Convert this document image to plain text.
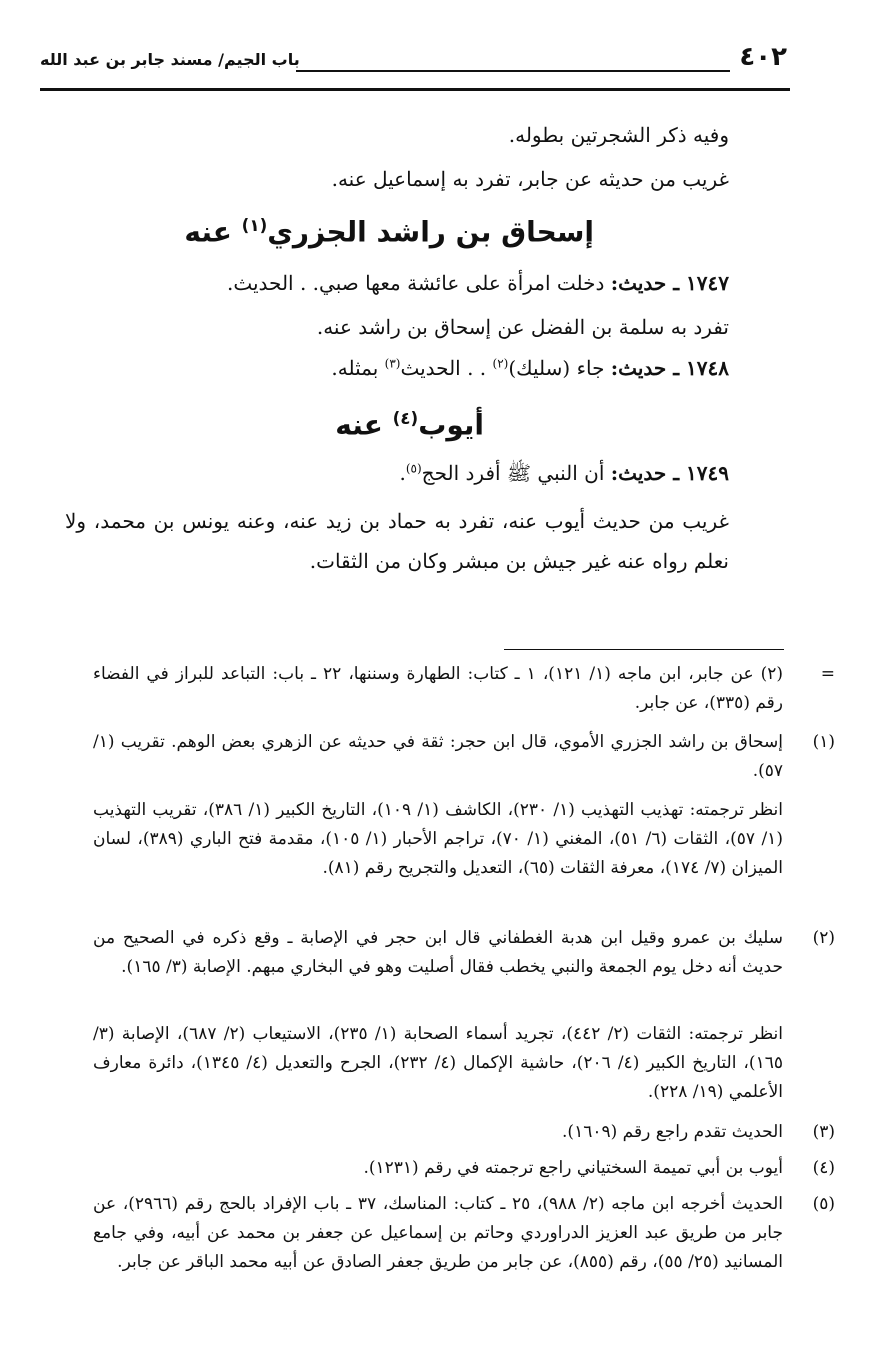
٤٠٢
باب الجيم/ مسند جابر بن عبد الله
وفيه ذكر الشجرتين بطوله.
غريب من حديثه عن جابر، تفرد به إسماعيل عنه.
إسحاق بن راشد الجزري$^{(١)}$ عنه
١٧٤٧ ـ حديث: دخلت امرأة على عائشة معها صبي. . الحديث.
تفرد به سلمة بن الفضل عن إسحاق بن راشد عنه.
١٧٤٨ ـ حديث: جاء (سليك)$^{(٢)}$ . . الحديث$^{(٣)}$ بمثله.
أيوب$^{(٤)}$ عنه
١٧٤٩ ـ حديث: أن النبي ﷺ أفرد الحج$^{(٥)}$.
غريب من حديث أيوب عنه، تفرد به حماد بن زيد عنه، وعنه يونس بن محمد، ولا نعلم رواه عنه غير جيش بن مبشر وكان من الثقات.
=
(٢) عن جابر، ابن ماجه (١/ ١٢١)، ١ ـ كتاب: الطهارة وسننها، ٢٢ ـ باب: التباعد للبراز في الفضاء رقم (٣٣٥)، عن جابر.
(١)
إسحاق بن راشد الجزري الأموي، قال ابن حجر: ثقة في حديثه عن الزهري بعض الوهم. تقريب (١/ ٥٧).
انظر ترجمته: تهذيب التهذيب (١/ ٢٣٠)، الكاشف (١/ ١٠٩)، التاريخ الكبير (١/ ٣٨٦)، تقريب التهذيب (١/ ٥٧)، الثقات (٦/ ٥١)، المغني (١/ ٧٠)، تراجم الأحبار (١/ ١٠٥)، مقدمة فتح الباري (٣٨٩)، لسان الميزان (٧/ ١٧٤)، معرفة الثقات (٦٥)، التعديل والتجريح رقم (٨١).
(٢)
سليك بن عمرو وقيل ابن هدبة الغطفاني قال ابن حجر في الإصابة ـ وقع ذكره في الصحيح من حديث أنه دخل يوم الجمعة والنبي يخطب فقال أصليت وهو في البخاري مبهم. الإصابة (٣/ ١٦٥).
انظر ترجمته: الثقات (٢/ ٤٤٢)، تجريد أسماء الصحابة (١/ ٢٣٥)، الاستيعاب (٢/ ٦٨٧)، الإصابة (٣/ ١٦٥)، التاريخ الكبير (٤/ ٢٠٦)، حاشية الإكمال (٤/ ٢٣٢)، الجرح والتعديل (٤/ ١٣٤٥)، دائرة معارف الأعلمي (١٩/ ٢٢٨).
(٣)
الحديث تقدم راجع رقم (١٦٠٩).
(٤)
أيوب بن أبي تميمة السختياني راجع ترجمته في رقم (١٢٣١).
(٥)
الحديث أخرجه ابن ماجه (٢/ ٩٨٨)، ٢٥ ـ كتاب: المناسك، ٣٧ ـ باب الإفراد بالحج رقم (٢٩٦٦)، عن جابر من طريق عبد العزيز الدراوردي وحاتم بن إسماعيل عن جعفر بن محمد عن أبيه، وفي جامع المسانيد (٢٥/ ٥٥)، رقم (٨٥٥)، عن جابر من طريق جعفر الصادق عن أبيه محمد الباقر عن جابر.
